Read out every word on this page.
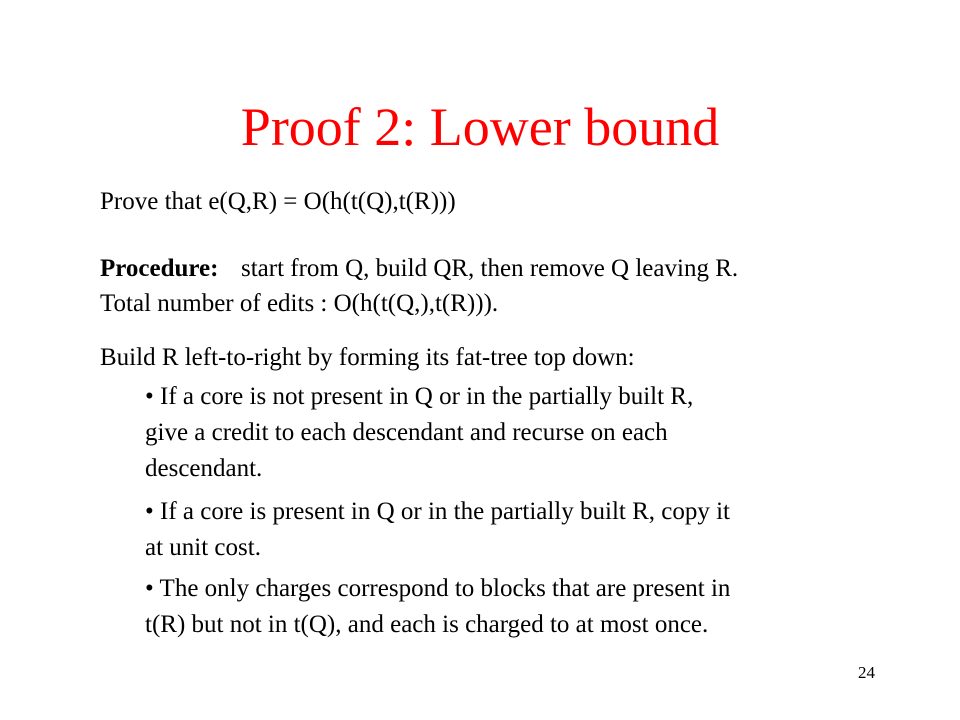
Proof 2: Lower bound
Prove that e(Q,R) = O(h(t(Q),t(R)))
Procedure: start from Q, build QR, then remove Q leaving R.
Total number of edits : O(h(t(Q,),t(R))).
Build R left-to-right by forming its fat-tree top down:
• If a core is not present in Q or in the partially built R,
give a credit to each descendant and recurse on each
descendant.
• If a core is present in Q or in the partially built R, copy it
at unit cost.
• The only charges correspond to blocks that are present in
t(R) but not in t(Q), and each is charged to at most once.
24
